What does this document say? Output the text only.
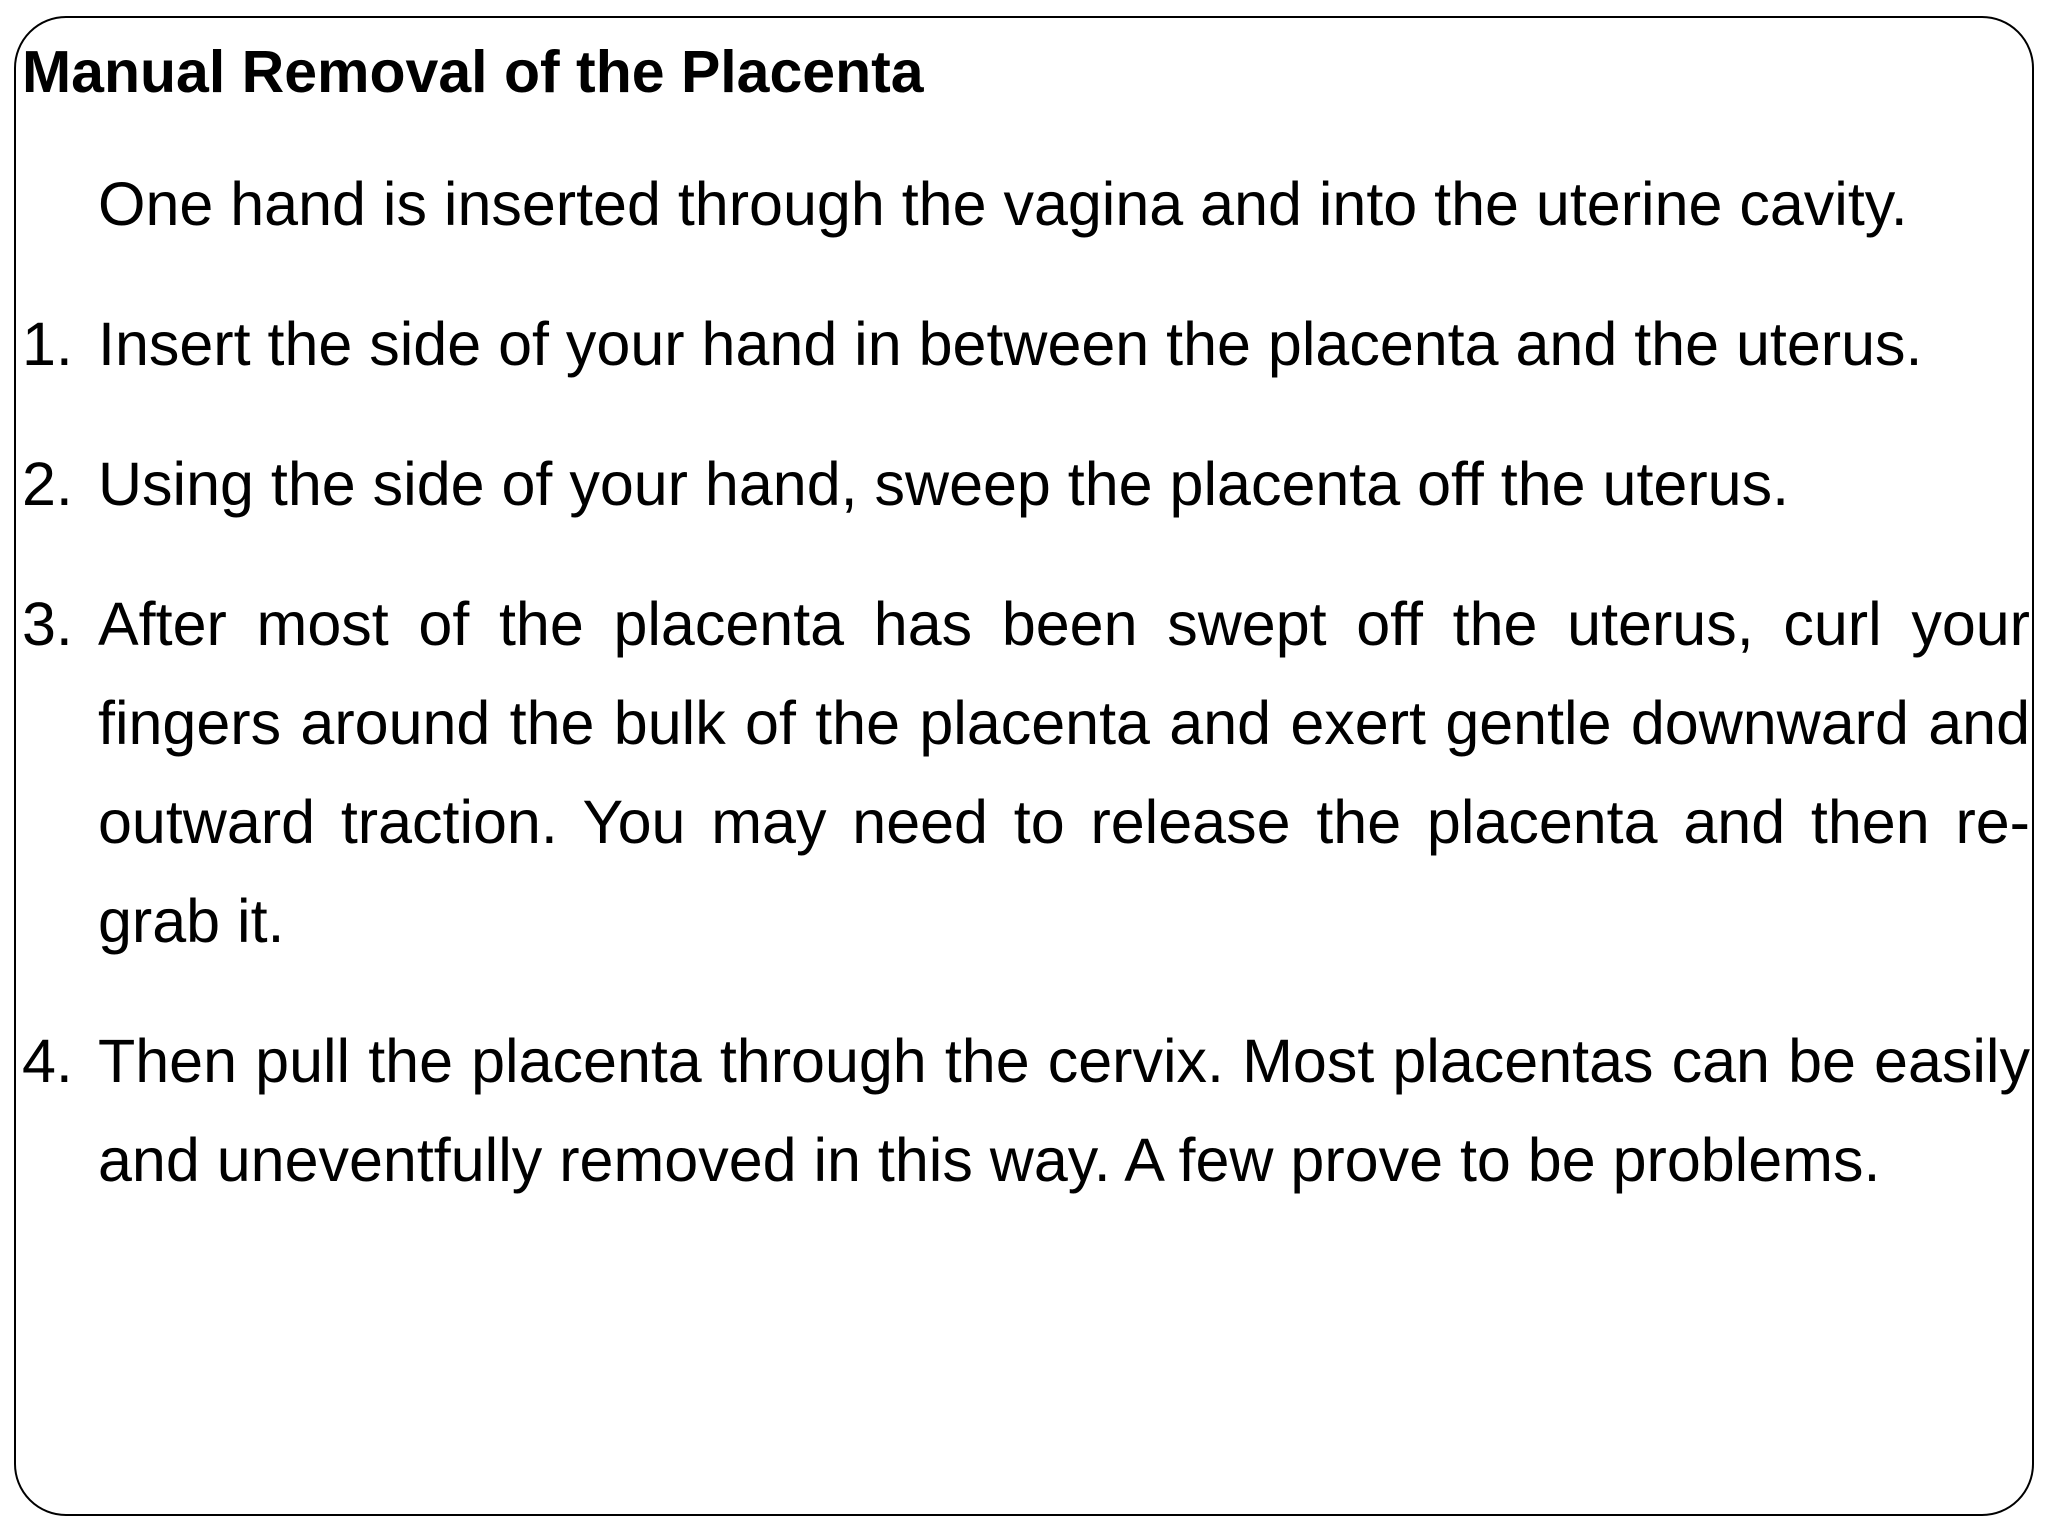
Manual Removal of the Placenta
One hand is inserted through the vagina and into the uterine cavity.
1. Insert the side of your hand in between the placenta and the uterus.
2. Using the side of your hand, sweep the placenta off the uterus.
3. After most of the placenta has been swept off the uterus, curl your fingers around the bulk of the placenta and exert gentle downward and outward traction. You may need to release the placenta and then re-grab it.
4. Then pull the placenta through the cervix. Most placentas can be easily and uneventfully removed in this way. A few prove to be problems.
